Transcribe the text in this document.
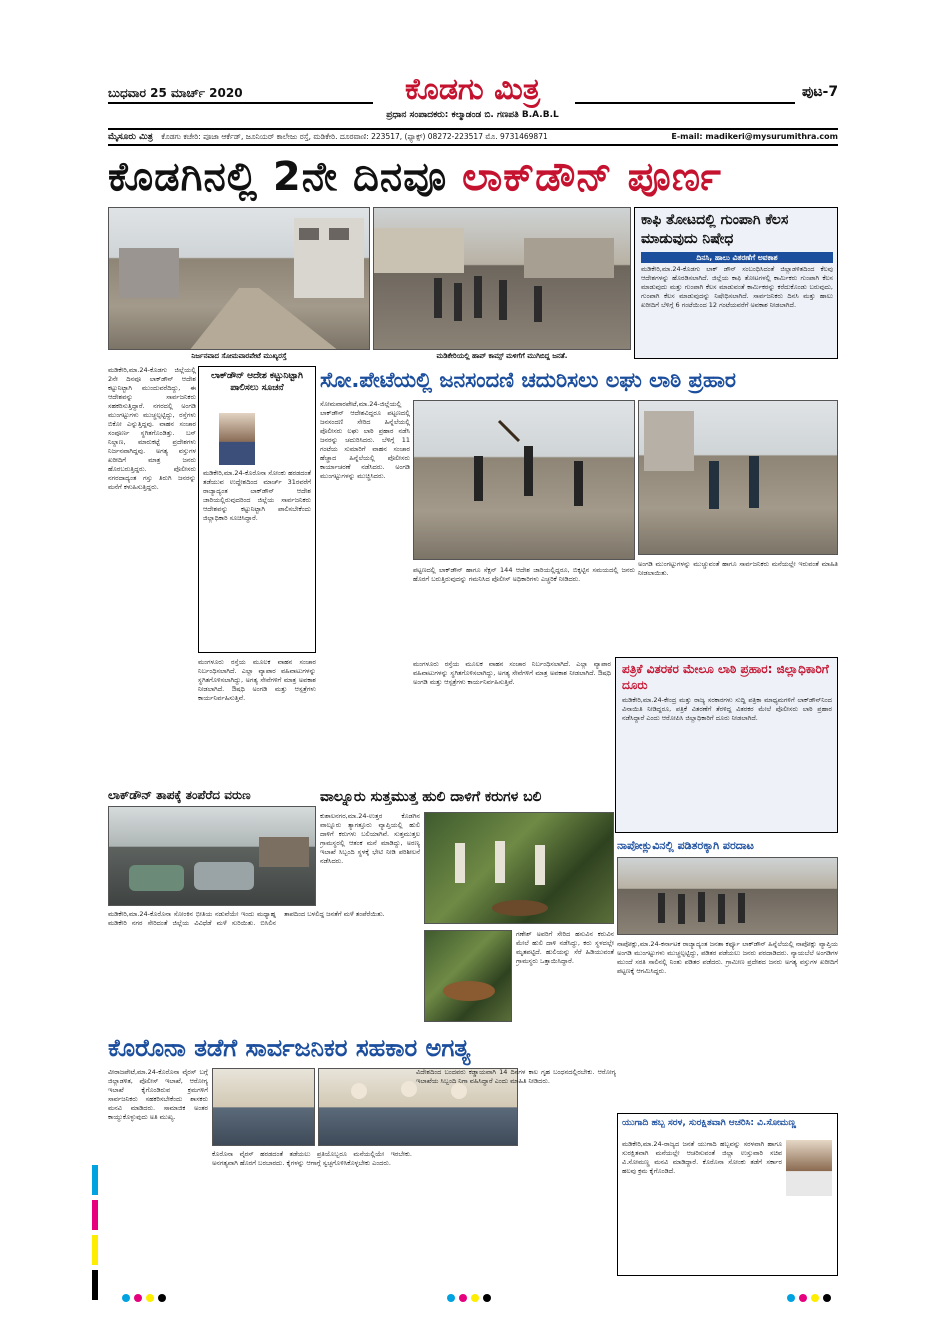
ಬುಧವಾರ 25 ಮಾರ್ಚ್ 2020	ಕೊಡಗು ಮಿತ್ರ
ಪ್ರಧಾನ ಸಂಪಾದಕರು: ಕಲ್ಮಾಡಂಡ ಬಿ. ಗಣಪತಿ B.A.B.L
ಪುಟ-7
ಮೈಸೂರು ಮಿತ್ರ ಕೊಡಗು ಕಚೇರಿ: ಪೂಜಾ ಆರ್ಕೆಡ್, ಜೂನಿಯರ್ ಕಾಲೇಜು ರಸ್ತೆ, ಮಡಿಕೇರಿ. ದೂರವಾಣಿ: 223517, (ಫ್ಯಾಕ್ಸ್) 08272-223517 ಮೊ. 9731469871	E-mail: madikeri@mysurumithra.com
ಕೊಡಗಿನಲ್ಲಿ 2ನೇ ದಿನವೂ ಲಾಕ್‌ಡೌನ್ ಪೂರ್ಣ
ನಿರ್ಜನವಾದ ಸೋಮವಾರಪೇಟೆ ಮುಖ್ಯರಸ್ತೆ	ಮಡಿಕೇರಿಯಲ್ಲಿ ಹಾಪ್ ಕಾಮ್ಸ್ ಮಳಿಗೆಗೆ ಮುಗಿಬಿದ್ದ ಜನತೆ.
ಕಾಫಿ ತೋಟದಲ್ಲಿ ಗುಂಪಾಗಿ ಕೆಲಸ ಮಾಡುವುದು ನಿಷೇಧ
ದಿನಸಿ, ಹಾಲು ವಿತರಣೆಗೆ ಅವಕಾಶ
ಮಡಿಕೇರಿ,ಮಾ.24-ಕೊಡಗು ಲಾಕ್ ಡೌನ್ ಸಂಬಂಧಿಸಿದಂತೆ ಜಿಲ್ಲಾಡಳಿತದಿಂದ ಕೆಲವು ಆದೇಶಗಳನ್ನು ಹೊರಡಿಸಲಾಗಿದೆ. ಜಿಲ್ಲೆಯ ಕಾಫಿ ತೋಟಗಳಲ್ಲಿ ಕಾರ್ಮಿಕರು ಗುಂಪಾಗಿ ಕೆಲಸ ಮಾಡುವುದು ಮತ್ತು ಗುಂಪಾಗಿ ಕೆಲಸ ಮಾಡುವಂತೆ ಕಾರ್ಮಿಕರನ್ನು ಕರೆದುಕೊಂಡು ಬರುವುದು, ಗುಂಪಾಗಿ ಕೆಲಸ ಮಾಡುವುದನ್ನು ನಿಷೇಧಿಸಲಾಗಿದೆ. ಸಾರ್ವಜನಿಕರು ದಿನಸಿ ಮತ್ತು ಹಾಲು ಖರೀದಿಗೆ ಬೆಳಿಗ್ಗೆ 6 ಗಂಟೆಯಿಂದ 12 ಗಂಟೆಯವರೆಗೆ ಅವಕಾಶ ನೀಡಲಾಗಿದೆ.
ಮಡಿಕೇರಿ,ಮಾ.24-ಕೊಡಗು ಜಿಲ್ಲೆಯಲ್ಲಿ 2ನೇ ದಿನವೂ ಲಾಕ್‌ಡೌನ್ ಆದೇಶ ಕಟ್ಟುನಿಟ್ಟಾಗಿ ಮುಂದುವರೆದಿದ್ದು, ಈ ಆದೇಶವನ್ನು ಸಾರ್ವಜನಿಕರು ಸಹಕರಿಸುತ್ತಿದ್ದಾರೆ. ನಗರದಲ್ಲಿ ಅಂಗಡಿ ಮುಂಗಟ್ಟುಗಳು ಮುಚ್ಚಲ್ಪಟ್ಟಿದ್ದು, ರಸ್ತೆಗಳು ಬಿಕೋ ಎನ್ನುತ್ತಿದ್ದವು. ವಾಹನ ಸಂಚಾರ ಸಂಪೂರ್ಣ ಸ್ಥಗಿತಗೊಂಡಿತ್ತು. ಬಸ್ ನಿಲ್ದಾಣ, ಮಾರುಕಟ್ಟೆ ಪ್ರದೇಶಗಳು ನಿರ್ಜನವಾಗಿದ್ದವು. ಅಗತ್ಯ ವಸ್ತುಗಳ ಖರೀದಿಗೆ ಮಾತ್ರ ಜನರು ಹೊರಬರುತ್ತಿದ್ದರು. ಪೊಲೀಸರು ನಗರದಾದ್ಯಂತ ಗಸ್ತು ತಿರುಗಿ ಜನರನ್ನು ಮನೆಗೆ ಕಳುಹಿಸುತ್ತಿದ್ದರು.
ಲಾಕ್‌ಡೌನ್ ಆದೇಶ ಕಟ್ಟುನಿಟ್ಟಾಗಿ ಪಾಲಿಸಲು ಸೂಚನೆ
ಮಡಿಕೇರಿ,ಮಾ.24-ಕೊರೊನಾ ಸೋಂಕು ಹರಡದಂತೆ ತಡೆಯುವ ಉದ್ದೇಶದಿಂದ ಮಾರ್ಚ್ 31ರವರೆಗೆ ರಾಜ್ಯಾದ್ಯಂತ ಲಾಕ್‌ಡೌನ್ ಆದೇಶ ಜಾರಿಯಲ್ಲಿರುವುದರಿಂದ ಜಿಲ್ಲೆಯ ಸಾರ್ವಜನಿಕರು ಆದೇಶವನ್ನು ಕಟ್ಟುನಿಟ್ಟಾಗಿ ಪಾಲಿಸಬೇಕೆಂದು ಜಿಲ್ಲಾಧಿಕಾರಿ ಸೂಚಿಸಿದ್ದಾರೆ.
ಮಂಗಳೂರು ರಸ್ತೆಯ ಮೂಲಕ ವಾಹನ ಸಂಚಾರ ನಿರ್ಬಂಧಿಸಲಾಗಿದೆ. ಎಲ್ಲಾ ವ್ಯಾಪಾರ ವಹಿವಾಟುಗಳನ್ನು ಸ್ಥಗಿತಗೊಳಿಸಲಾಗಿದ್ದು, ಅಗತ್ಯ ಸೇವೆಗಳಿಗೆ ಮಾತ್ರ ಅವಕಾಶ ನೀಡಲಾಗಿದೆ. ಔಷಧಿ ಅಂಗಡಿ ಮತ್ತು ಆಸ್ಪತ್ರೆಗಳು ಕಾರ್ಯನಿರ್ವಹಿಸುತ್ತಿವೆ.
ಸೋ.ಪೇಟೆಯಲ್ಲಿ ಜನಸಂದಣಿ ಚದುರಿಸಲು ಲಘು ಲಾಠಿ ಪ್ರಹಾರ
ಸೋಮವಾರಪೇಟೆ,ಮಾ.24-ಜಿಲ್ಲೆಯಲ್ಲಿ ಲಾಕ್‌ಡೌನ್ ಆದೇಶವಿದ್ದರೂ ಪಟ್ಟಣದಲ್ಲಿ ಜನಸಂದಣಿ ಸೇರಿದ ಹಿನ್ನೆಲೆಯಲ್ಲಿ ಪೊಲೀಸರು ಲಘು ಲಾಠಿ ಪ್ರಹಾರ ನಡೆಸಿ ಜನರನ್ನು ಚದುರಿಸಿದರು. ಬೆಳಿಗ್ಗೆ 11 ಗಂಟೆಯ ಸುಮಾರಿಗೆ ವಾಹನ ಸಂಚಾರ ಹೆಚ್ಚಾದ ಹಿನ್ನೆಲೆಯಲ್ಲಿ ಪೊಲೀಸರು ಕಾರ್ಯಾಚರಣೆ ನಡೆಸಿದರು. ಅಂಗಡಿ ಮುಂಗಟ್ಟುಗಳನ್ನು ಮುಚ್ಚಿಸಿದರು.
ಪಟ್ಟಣದಲ್ಲಿ ಲಾಕ್‌ಡೌನ್ ಹಾಗೂ ಸೆಕ್ಷನ್ 144 ಆದೇಶ ಜಾರಿಯಲ್ಲಿದ್ದರೂ, ಬಿಕ್ಕಟ್ಟಿನ ಸಮಯದಲ್ಲಿ ಜನರು ಹೊರಗೆ ಬರುತ್ತಿರುವುದನ್ನು ಗಮನಿಸಿದ ಪೊಲೀಸ್ ಅಧಿಕಾರಿಗಳು ಎಚ್ಚರಿಕೆ ನೀಡಿದರು.
ಅಂಗಡಿ ಮುಂಗಟ್ಟುಗಳನ್ನು ಮುಚ್ಚುವಂತೆ ಹಾಗೂ ಸಾರ್ವಜನಿಕರು ಮನೆಯಲ್ಲೇ ಇರುವಂತೆ ಮಾಹಿತಿ ನೀಡಲಾಯಿತು.
ಪತ್ರಿಕೆ ವಿತರಕರ ಮೇಲೂ ಲಾಠಿ ಪ್ರಹಾರ: ಜಿಲ್ಲಾಧಿಕಾರಿಗೆ ದೂರು
ಮಡಿಕೇರಿ,ಮಾ.24-ಕೇಂದ್ರ ಮತ್ತು ರಾಜ್ಯ ಸರಕಾರಗಳು ಸುದ್ದಿ ಪತ್ರಿಕಾ ಮಾಧ್ಯಮಗಳಿಗೆ ಲಾಕ್‌ಡೌನ್‌ನಿಂದ ವಿನಾಯಿತಿ ನೀಡಿದ್ದರೂ, ಪತ್ರಿಕೆ ವಿತರಣೆಗೆ ತೆರಳಿದ್ದ ವಿತರಕರ ಮೇಲೆ ಪೊಲೀಸರು ಲಾಠಿ ಪ್ರಹಾರ ನಡೆಸಿದ್ದಾರೆ ಎಂದು ಆರೋಪಿಸಿ ಜಿಲ್ಲಾಧಿಕಾರಿಗೆ ದೂರು ನೀಡಲಾಗಿದೆ.
ಮಂಗಳೂರು ರಸ್ತೆಯ ಮೂಲಕ ವಾಹನ ಸಂಚಾರ ನಿರ್ಬಂಧಿಸಲಾಗಿದೆ. ಎಲ್ಲಾ ವ್ಯಾಪಾರ ವಹಿವಾಟುಗಳನ್ನು ಸ್ಥಗಿತಗೊಳಿಸಲಾಗಿದ್ದು, ಅಗತ್ಯ ಸೇವೆಗಳಿಗೆ ಮಾತ್ರ ಅವಕಾಶ ನೀಡಲಾಗಿದೆ. ಔಷಧಿ ಅಂಗಡಿ ಮತ್ತು ಆಸ್ಪತ್ರೆಗಳು ಕಾರ್ಯನಿರ್ವಹಿಸುತ್ತಿವೆ.
ಲಾಕ್‌ಡೌನ್ ತಾಪಕ್ಕೆ ತಂಪೆರೆದ ವರುಣ
ಮಡಿಕೇರಿ,ಮಾ.24-ಕೊರೊನಾ ಸೋಂಕಿನ ಭೀತಿಯ ನಡುವೆಯೇ ಇಂದು ಮಧ್ಯಾಹ್ನ ಮಡಿಕೇರಿ ನಗರ ಸೇರಿದಂತೆ ಜಿಲ್ಲೆಯ ವಿವಿಧೆಡೆ ಮಳೆ ಸುರಿಯಿತು. ಬಿಸಿಲಿನ ತಾಪದಿಂದ ಬಳಲಿದ್ದ ಜನತೆಗೆ ಮಳೆ ತಂಪೆರೆಯಿತು.
ವಾಲ್ನೂರು ಸುತ್ತಮುತ್ತ ಹುಲಿ ದಾಳಿಗೆ ಕರುಗಳ ಬಲಿ
ಕುಶಾಲನಗರ,ಮಾ.24-ಉತ್ತರ ಕೊಡಗಿನ ವಾಲ್ನೂರು ತ್ಯಾಗತ್ತೂರು ವ್ಯಾಪ್ತಿಯಲ್ಲಿ ಹುಲಿ ದಾಳಿಗೆ ಕರುಗಳು ಬಲಿಯಾಗಿವೆ. ಸುತ್ತಮುತ್ತಲ ಗ್ರಾಮಸ್ಥರಲ್ಲಿ ಆತಂಕ ಮನೆ ಮಾಡಿದ್ದು, ಅರಣ್ಯ ಇಲಾಖೆ ಸಿಬ್ಬಂದಿ ಸ್ಥಳಕ್ಕೆ ಭೇಟಿ ನೀಡಿ ಪರಿಶೀಲನೆ ನಡೆಸಿದರು.
ಗಣೇಶ್ ಅವರಿಗೆ ಸೇರಿದ ಹಸುವಿನ ಕರುವಿನ ಮೇಲೆ ಹುಲಿ ದಾಳಿ ನಡೆಸಿದ್ದು, ಕರು ಸ್ಥಳದಲ್ಲೇ ಮೃತಪಟ್ಟಿದೆ. ಹುಲಿಯನ್ನು ಸೆರೆ ಹಿಡಿಯುವಂತೆ ಗ್ರಾಮಸ್ಥರು ಒತ್ತಾಯಿಸಿದ್ದಾರೆ.
ನಾಪೋಕ್ಲುವಿನಲ್ಲಿ ಪಡಿತರಕ್ಕಾಗಿ ಪರದಾಟ
ನಾಪೋಕ್ಲು,ಮಾ.24-ಕರ್ನಾಟಕ ರಾಜ್ಯಾದ್ಯಂತ ಜನತಾ ಕರ್ಫ್ಯೂ ಲಾಕ್‌ಡೌನ್ ಹಿನ್ನೆಲೆಯಲ್ಲಿ ನಾಪೋಕ್ಲು ವ್ಯಾಪ್ತಿಯ ಅಂಗಡಿ ಮುಂಗಟ್ಟುಗಳು ಮುಚ್ಚಲ್ಪಟ್ಟಿದ್ದು, ಪಡಿತರ ಪಡೆಯಲು ಜನರು ಪರದಾಡಿದರು. ನ್ಯಾಯಬೆಲೆ ಅಂಗಡಿಗಳ ಮುಂದೆ ಸರತಿ ಸಾಲಿನಲ್ಲಿ ನಿಂತು ಪಡಿತರ ಪಡೆದರು. ಗ್ರಾಮೀಣ ಪ್ರದೇಶದ ಜನರು ಅಗತ್ಯ ವಸ್ತುಗಳ ಖರೀದಿಗೆ ಪಟ್ಟಣಕ್ಕೆ ಆಗಮಿಸಿದ್ದರು.
ಕೊರೊನಾ ತಡೆಗೆ ಸಾರ್ವಜನಿಕರ ಸಹಕಾರ ಅಗತ್ಯ
ವೀರಾಜಪೇಟೆ,ಮಾ.24-ಕೊರೊನಾ ವೈರಸ್ ಬಗ್ಗೆ ಜಿಲ್ಲಾಡಳಿತ, ಪೊಲೀಸ್ ಇಲಾಖೆ, ಆರೋಗ್ಯ ಇಲಾಖೆ ಕೈಗೊಂಡಿರುವ ಕ್ರಮಗಳಿಗೆ ಸಾರ್ವಜನಿಕರು ಸಹಕರಿಸಬೇಕೆಂದು ಶಾಸಕರು ಮನವಿ ಮಾಡಿದರು. ಸಾಮಾಜಿಕ ಅಂತರ ಕಾಯ್ದುಕೊಳ್ಳುವುದು ಅತಿ ಮುಖ್ಯ.
ಕೊರೊನಾ ವೈರಸ್ ಹರಡದಂತೆ ತಡೆಯಲು ಪ್ರತಿಯೊಬ್ಬರೂ ಮನೆಯಲ್ಲಿಯೇ ಇರಬೇಕು. ಅನಗತ್ಯವಾಗಿ ಹೊರಗೆ ಬರಬಾರದು. ಕೈಗಳನ್ನು ಆಗಾಗ್ಗೆ ಸ್ವಚ್ಛಗೊಳಿಸಿಕೊಳ್ಳಬೇಕು ಎಂದರು.
ವಿದೇಶದಿಂದ ಬಂದವರು ಕಡ್ಡಾಯವಾಗಿ 14 ದಿನಗಳ ಕಾಲ ಗೃಹ ಬಂಧನದಲ್ಲಿರಬೇಕು. ಆರೋಗ್ಯ ಇಲಾಖೆಯ ಸಿಬ್ಬಂದಿ ನಿಗಾ ವಹಿಸಿದ್ದಾರೆ ಎಂದು ಮಾಹಿತಿ ನೀಡಿದರು.
ಯುಗಾದಿ ಹಬ್ಬ ಸರಳ, ಸುರಕ್ಷಿತವಾಗಿ ಆಚರಿಸಿ: ವಿ.ಸೋಮಣ್ಣ
ಮಡಿಕೇರಿ,ಮಾ.24-ರಾಜ್ಯದ ಜನತೆ ಯುಗಾದಿ ಹಬ್ಬವನ್ನು ಸರಳವಾಗಿ ಹಾಗೂ ಸುರಕ್ಷಿತವಾಗಿ ಮನೆಯಲ್ಲೇ ಆಚರಿಸುವಂತೆ ಜಿಲ್ಲಾ ಉಸ್ತುವಾರಿ ಸಚಿವ ವಿ.ಸೋಮಣ್ಣ ಮನವಿ ಮಾಡಿದ್ದಾರೆ. ಕೊರೊನಾ ಸೋಂಕು ತಡೆಗೆ ಸರ್ಕಾರ ಹಲವು ಕ್ರಮ ಕೈಗೊಂಡಿದೆ.
